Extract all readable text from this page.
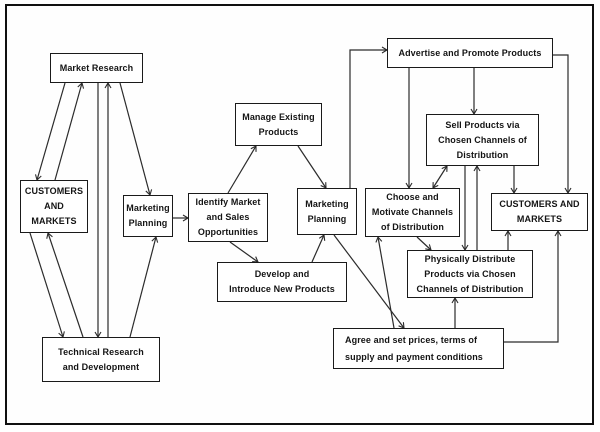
Market Research
CUSTOMERS
AND
MARKETS
Marketing
Planning
Identify Market
and Sales
Opportunities
Manage Existing
Products
Marketing
Planning
Advertise and Promote Products
Sell Products via
Chosen Channels of
Distribution
Choose and
Motivate Channels
of Distribution
CUSTOMERS AND
MARKETS
Physically Distribute
Products via Chosen
Channels of Distribution
Develop and
Introduce New Products
Technical Research
and Development
Agree and set prices, terms of
supply and payment conditions
